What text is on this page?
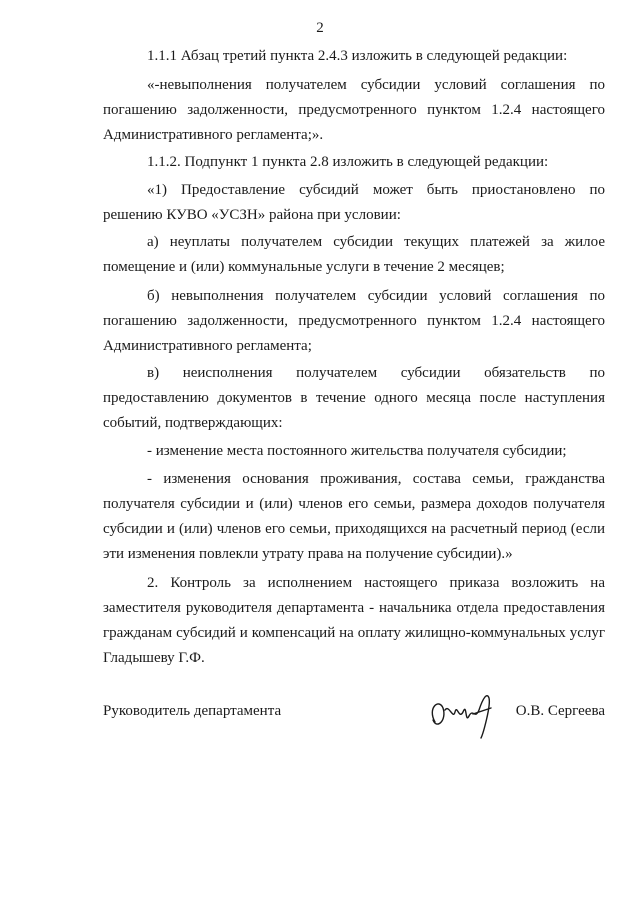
2

1.1.1 Абзац третий пункта 2.4.3 изложить в следующей редакции:

«-невыполнения получателем субсидии условий соглашения по погашению задолженности, предусмотренного пунктом 1.2.4 настоящего Административного регламента;».

1.1.2. Подпункт 1 пункта 2.8 изложить в следующей редакции:

«1) Предоставление субсидий может быть приостановлено по решению КУВО «УСЗН» района при условии:

а) неуплаты получателем субсидии текущих платежей за жилое помещение и (или) коммунальные услуги в течение 2 месяцев;

б) невыполнения получателем субсидии условий соглашения по погашению задолженности, предусмотренного пунктом 1.2.4 настоящего Административного регламента;

в) неисполнения получателем субсидии обязательств по предоставлению документов в течение одного месяца после наступления событий, подтверждающих:

- изменение места постоянного жительства получателя субсидии;

- изменения основания проживания, состава семьи, гражданства получателя субсидии и (или) членов его семьи, размера доходов получателя субсидии и (или) членов его семьи, приходящихся на расчетный период (если эти изменения повлекли утрату права на получение субсидии).»

2. Контроль за исполнением настоящего приказа возложить на заместителя руководителя департамента - начальника отдела предоставления гражданам субсидий и компенсаций на оплату жилищно-коммунальных услуг Гладышеву Г.Ф.

Руководитель департамента	О.В. Сергеева
